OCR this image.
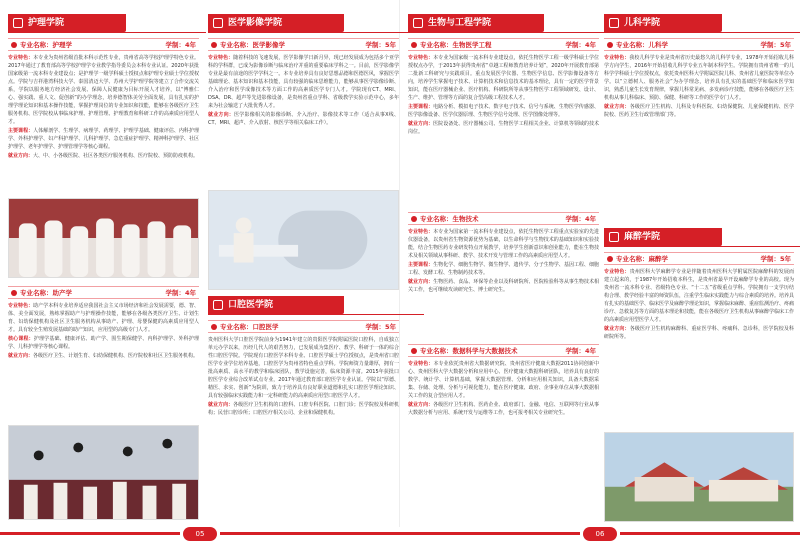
护理学院
专业名称：护理学	学制：4年

专业特色：本专业为贵州省级首批本科示范性专业，贵州省高等学校护理学特色专业。2017年通过了教育部高等学校护理学专业教学指导委员会本科专业认证。2020年获批国家级第一流本科专业建设点；是护理学一级学科硕士授权点和护理专业硕士学位授权点。学院与吉祥港湾科技大学、泰国清迈大学、苏州大学护理学院等建立了合作交流关系，学院以服务地方经济社会发展、保障人民健康为目标开展人才培养，以“博雅仁心、强实践、重人文、促创新”的办学理念，培养德智体美劳全面发展，具有扎实的护理学理论知识和基本操作技能，掌握护理岗位的专业知识和技能，能够在各级医疗卫生服务机构、医学院校从事临床护理、护理管理、护理教育和科研工作的高素质应用型人才。

主要课程：人体解剖学、生理学、病理学、药理学、护理学基础、健康评估、内科护理学、外科护理学、妇产科护理学、儿科护理学、急危重症护理学、精神科护理学、社区护理学、老年护理学、护理管理学等核心课程。

就业方向：大、中、小各级医院、社区各类医疗服务机构、医疗院校、预防防疫机构。

专业名称：助产学	学制：4年

专业特色：助产学本科专业培养适应我国社会主义市场经济和社会发展需要，德、智、体、美全面发展，熟练掌握助产与护理操作技能，能够在各级各类医疗卫生、计划生育、妇幼保健机构及社区卫生服务机构从事助产、护理、母婴保健的高素质应用型人才。具有较全生殖发展基础的助产知识，应用型的高级专门人才。

核心课程：护理学基础、健康评估、助产学、围生期保健学、内科护理学、外科护理学、儿科护理学等核心课程。

就业方向：各级医疗卫生、计划生育、妇幼保健机构、医疗院校和社区卫生服务机构。

医学影像学院
专业名称：医学影像学	学制：5年

专业特色：随着科技的飞速发展，医学影像学日新月异，现已经发展成为包括多个亚学科的学科群，已成为影像诊断与临床治疗并重的重要临床学科之一。目前，医学影像学专业是最有前途的医学学科之一。本专业培养具有良好思想品德和医德医风，掌握医学基础理论、基本知识和基本技能，具有较强的临床思维能力，能够从事医学影像诊断、介入治疗和医学成像技术等方面工作的高素质医学专门人才。学院现有CT、MRI、DSA、DR、超声等先进影像设备，是贵州省重点学科、省级教学实验示范中心，多年来为社会输送了大批优秀人才。

就业方向：医学影像相关的影像诊断、介入治疗、影像技术等工作（适合从事X线、CT、MRI、超声、介入放射、核医学等相关临床工作）。

口腔医学院
专业名称：口腔医学	学制：5年

贵州医科大学口腔医学院前身为1941年建立的贵阳医学院附属医院口腔科，自成独立单元办学以来，历经几代人的艰苦努力，已发展成为集医疗、教学、科研于一体的综合性口腔医学院。学院现有口腔医学本科专业、口腔医学硕士学位授权点，是贵州省口腔医学专业学位培养基地，口腔医学为贵州省特色重点学科。学院师资力量雄厚，拥有一批高素质、高水平的教学和临床团队，教学设施完善，临床资源丰富。2015年获批口腔医学专业综合改革试点专业，2017年通过教育部口腔医学专业认证。学院以“厚德、精医、求实、创新”为院训，致力于培养具有良好职业道德和扎实口腔医学理论知识、具有较强临床实践能力和一定科研能力的高素质应用型口腔医学人才。

就业方向：各级医疗卫生机构的口腔科、口腔专科医院、口腔门诊；医学院校及科研机构；民营口腔诊所；口腔医疗相关公司、企业和保健机构。

生物与工程学院
专业名称：生物医学工程	学制：4年

专业特色：本专业为国家级一流本科专业建设点，依托生物医学工程一级学科硕士学位授权点办学，于2013年获得贵州省“卓越工程师教育培养计划”，2020年开展教育部第二批新工科研究与实践项目。重点发展医学仪器、生物医学信息、医学影像设备等方向，培养学生掌握电子技术、计算机技术和信息技术的基本理论，具有一定的医学背景知识，能在医疗器械企业、医疗机构、科研院所等从事生物医学工程领域研发、设计、生产、维护、管理等方面的复合型高级工程技术人才。

主要课程：电路分析、模拟电子技术、数字电子技术、信号与系统、生物医学传感器、医学影像设备、医学仪器原理、生物医学信号处理、医学图像处理等。

就业方向：医院设备处、医疗器械公司、生物医学工程相关企业、计算机等领域的技术岗位。

专业名称：生物技术	学制：4年

专业特色：本专业为国家第一流本科专业建设点，依托生物医学工程重点实验室的先进仪器设备，以贵州省生物资源优势为基础，以生命科学与生物技术的基础知识和实验技能，结合生物医药专业研发特点开展教学，培养学生创新意识和创业能力，能在生物技术及相关领域从事科研、教学、技术开发与管理工作的高素质应用型人才。

主要课程：生物化学、细胞生物学、微生物学、遗传学、分子生物学、基因工程、细胞工程、发酵工程、生物制药技术等。

就业方向：生物医药、食品、环保等企业以及科研院所、医院检验科等从事生物技术相关工作，也可继续攻读研究生、博士研究生。

专业名称：数据科学与大数据技术	学制：4年

专业特色：本专业依托贵州省大数据研究院、贵州省医疗健康大数据2011协同创新中心、贵州医科大学大数据分析和应用中心、医疗健康大数据科研团队，培养具有良好的数学、统计学、计算机基础，掌握大数据管理、分析和应用相关知识，具备大数据采集、存储、处理、分析与可视化能力，能在医疗健康、政府、企事业单位从事大数据相关工作的复合型应用人才。

就业方向：各级医疗卫生机构、医药企业、政府部门、金融、电信、互联网等行业从事大数据分析与应用、系统开发与运维等工作，也可报考相关专业研究生。

儿科学院
专业名称：儿科学	学制：5年

专业特色：我校儿科学专业是贵州省历史最悠久的儿科学专业，1978年开始招收儿科学方向学生，2016年开始招收儿科学专业五年制本科学生。学院拥有贵州省唯一的儿科学学科硕士学位授权点，依托贵州医科大学附属医院儿科、贵州省儿童医院等单位办学。以“立德树人、服务社会”为办学理念，培养具有扎实的基础医学和临床医学知识，熟悉儿童生长发育规律，掌握儿科常见病、多发病诊疗技能，能够在各级医疗卫生机构从事儿科临床、预防、保健、科研等工作的医学专门人才。

就业方向：各级医疗卫生机构、儿科及专科医院、妇幼保健院、儿童保健机构、医学院校、医药卫生行政管理部门等。

麻醉学院
专业名称：麻醉学	学制：5年

专业特色：贵州医科大学麻醉学专业是伴随着贵州医科大学附属医院麻醉科的发展而建立起来的，于1987年开始招收本科生，是贵州省最早开设麻醉学专业的高校。现为贵州省一流本科专业、省级特色专业、“十二五”省级重点学科。学院拥有一支学历结构合理、教学经验丰富的师资队伍，注重学生临床实践能力与综合素质的培养。培养具有扎实的基础医学、临床医学及麻醉学理论知识，掌握临床麻醉、重症监测治疗、疼痛诊疗、急救复苏等方面的基本理论和技能，能在各级医疗卫生机构从事麻醉学临床工作的高素质应用型医学人才。

就业方向：各级医疗卫生机构麻醉科、重症医学科、疼痛科、急诊科，医学院校及科研院所等。

05	06
